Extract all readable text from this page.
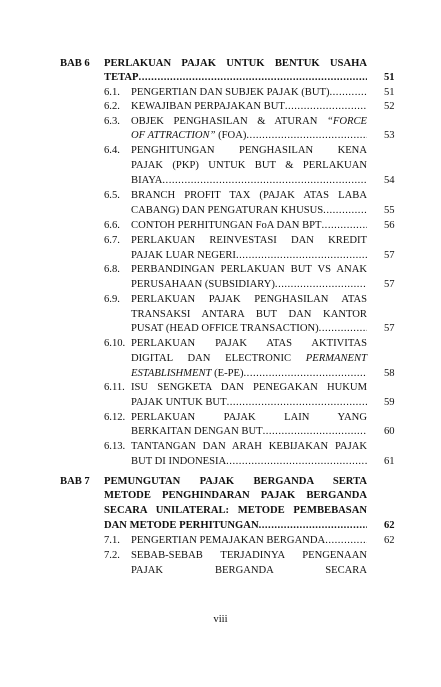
BAB 6 PERLAKUAN PAJAK UNTUK BENTUK USAHA
TETAP .....	51
6.1. PENGERTIAN DAN SUBJEK PAJAK (BUT) .....	51
6.2. KEWAJIBAN PERPAJAKAN BUT .....	52
6.3. OBJEK PENGHASILAN & ATURAN “FORCE
OF ATTRACTION” (FOA) .....	53
6.4. PENGHITUNGAN PENGHASILAN KENA
PAJAK (PKP) UNTUK BUT & PERLAKUAN
BIAYA .....	54
6.5. BRANCH PROFIT TAX (PAJAK ATAS LABA
CABANG) DAN PENGATURAN KHUSUS .....	55
6.6. CONTOH PERHITUNGAN FoA DAN BPT .....	56
6.7. PERLAKUAN REINVESTASI DAN KREDIT
PAJAK LUAR NEGERI .....	57
6.8. PERBANDINGAN PERLAKUAN BUT VS ANAK
PERUSAHAAN (SUBSIDIARY) .....	57
6.9. PERLAKUAN PAJAK PENGHASILAN ATAS
TRANSAKSI ANTARA BUT DAN KANTOR
PUSAT (HEAD OFFICE TRANSACTION) .....	57
6.10. PERLAKUAN PAJAK ATAS AKTIVITAS
DIGITAL DAN ELECTRONIC PERMANENT
ESTABLISHMENT (E-PE) .....	58
6.11. ISU SENGKETA DAN PENEGAKAN HUKUM
PAJAK UNTUK BUT .....	59
6.12. PERLAKUAN PAJAK LAIN YANG
BERKAITAN DENGAN BUT .....	60
6.13. TANTANGAN DAN ARAH KEBIJAKAN PAJAK
BUT DI INDONESIA .....	61
BAB 7 PEMUNGUTAN PAJAK BERGANDA SERTA
METODE PENGHINDARAN PAJAK BERGANDA
SECARA UNILATERAL: METODE PEMBEBASAN
DAN METODE PERHITUNGAN .....	62
7.1. PENGERTIAN PEMAJAKAN BERGANDA .....	62
7.2. SEBAB-SEBAB TERJADINYA PENGENAAN
PAJAK BERGANDA SECARA
viii
